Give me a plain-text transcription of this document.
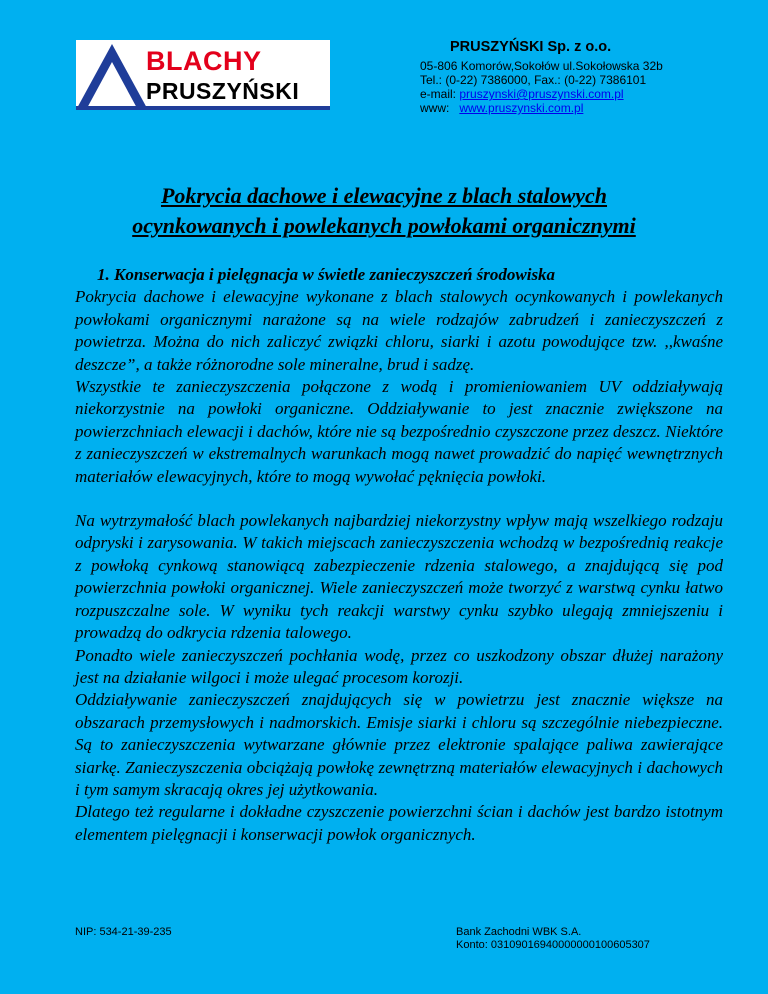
BLACHY
PRUSZYŃSKI
PRUSZYŃSKI Sp. z o.o.
05-806 Komorów,Sokołów ul.Sokołowska 32b
Tel.: (0-22) 7386000, Fax.: (0-22) 7386101
e-mail: pruszynski@pruszynski.com.pl
www:   www.pruszynski.com.pl
Pokrycia dachowe i elewacyjne z blach stalowych
ocynkowanych i powlekanych powłokami organicznymi
1. Konserwacja i pielęgnacja w świetle zanieczyszczeń środowiska

Pokrycia dachowe i elewacyjne wykonane z blach stalowych ocynkowanych i powlekanych powłokami organicznymi narażone są na wiele rodzajów zabrudzeń i zanieczyszczeń z powietrza. Można do nich zaliczyć związki chloru, siarki i azotu powodujące tzw. ,,kwaśne deszcze”, a także różnorodne sole mineralne, brud i sadzę.

Wszystkie te zanieczyszczenia połączone z wodą i promieniowaniem UV oddziaływają niekorzystnie na powłoki organiczne. Oddziaływanie to jest znacznie zwiększone na powierzchniach elewacji i dachów, które nie są bezpośrednio czyszczone przez deszcz. Niektóre z zanieczyszczeń w ekstremalnych warunkach mogą nawet prowadzić do napięć wewnętrznych materiałów elewacyjnych, które to mogą wywołać pęknięcia powłoki.

Na wytrzymałość blach powlekanych najbardziej niekorzystny wpływ mają wszelkiego rodzaju odpryski i zarysowania. W takich miejscach zanieczyszczenia wchodzą w bezpośrednią reakcje z powłoką cynkową stanowiącą zabezpieczenie rdzenia stalowego, a znajdującą się pod powierzchnia powłoki organicznej. Wiele zanieczyszczeń może tworzyć z warstwą cynku łatwo rozpuszczalne sole. W wyniku tych reakcji warstwy cynku szybko ulegają zmniejszeniu i prowadzą do odkrycia rdzenia talowego.

Ponadto wiele zanieczyszczeń pochłania wodę, przez co uszkodzony obszar dłużej narażony jest na działanie wilgoci i może ulegać procesom korozji.

Oddziaływanie zanieczyszczeń znajdujących się w powietrzu jest znacznie większe na obszarach przemysłowych i nadmorskich. Emisje siarki i chloru są szczególnie niebezpieczne. Są to zanieczyszczenia wytwarzane głównie przez elektronie spalające paliwa zawierające siarkę. Zanieczyszczenia obciążają powłokę zewnętrzną materiałów elewacyjnych i dachowych i tym samym skracają okres jej użytkowania.

Dlatego też regularne i dokładne czyszczenie powierzchni ścian i dachów jest bardzo istotnym elementem pielęgnacji i konserwacji powłok organicznych.

NIP: 534-21-39-235	Bank Zachodni WBK S.A.
Konto: 03109016940000000100605307
